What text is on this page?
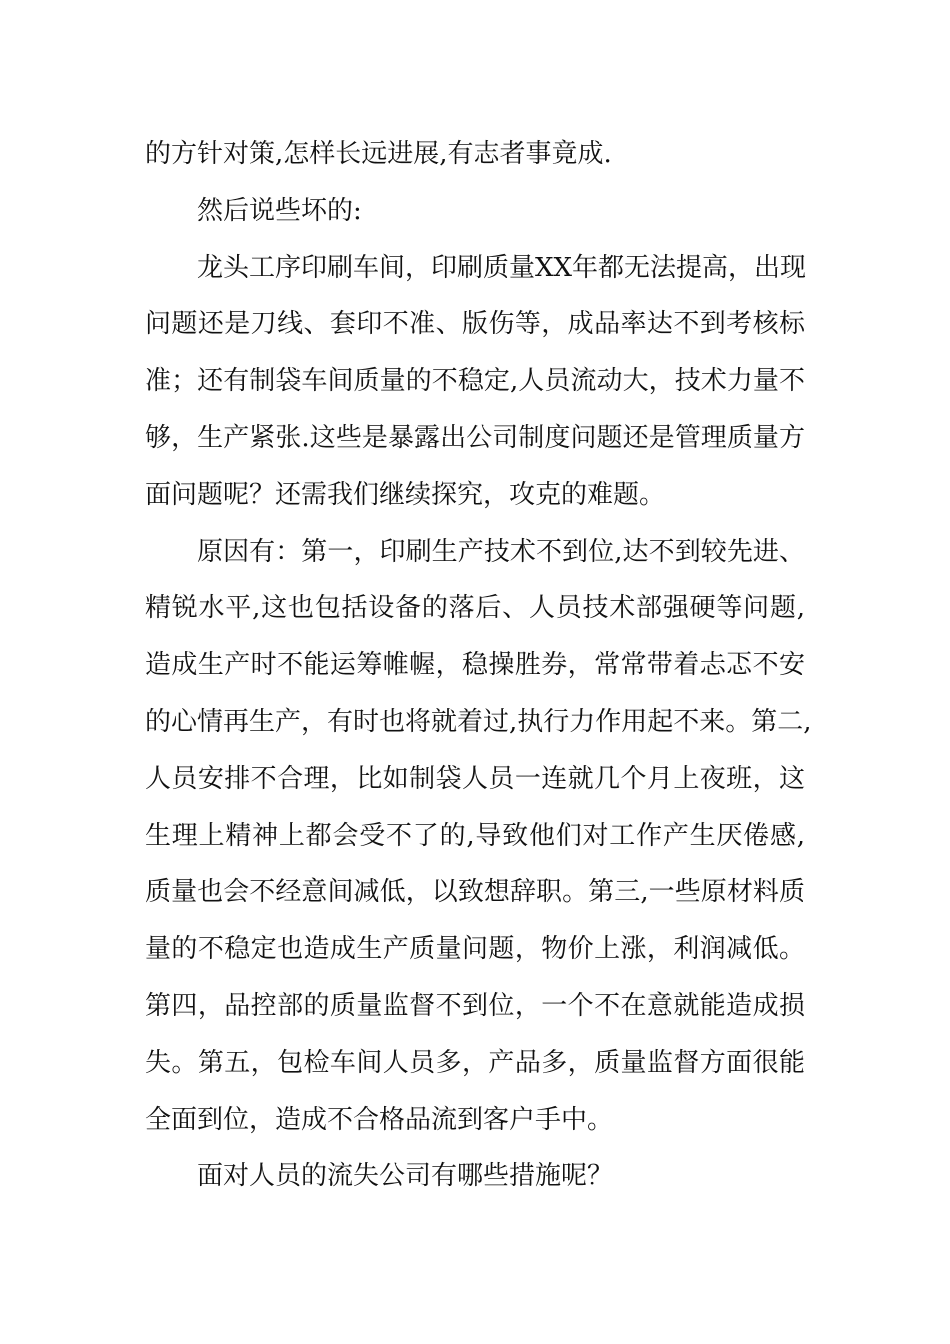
的方针对策,怎样长远进展,有志者事竟成.
然后说些坏的:
龙头工序印刷车间，印刷质量XX年都无法提高，出现
问题还是刀线、套印不准、版伤等，成品率达不到考核标
准；还有制袋车间质量的不稳定,人员流动大，技术力量不
够，生产紧张.这些是暴露出公司制度问题还是管理质量方
面问题呢？还需我们继续探究，攻克的难题。
原因有：第一，印刷生产技术不到位,达不到较先进、
精锐水平,这也包括设备的落后、人员技术部强硬等问题,
造成生产时不能运筹帷幄，稳操胜券，常常带着忐忑不安
的心情再生产，有时也将就着过,执行力作用起不来。第二,
人员安排不合理，比如制袋人员一连就几个月上夜班，这
生理上精神上都会受不了的,导致他们对工作产生厌倦感,
质量也会不经意间减低，以致想辞职。第三,一些原材料质
量的不稳定也造成生产质量问题，物价上涨，利润减低。
第四，品控部的质量监督不到位，一个不在意就能造成损
失。第五，包检车间人员多，产品多，质量监督方面很能
全面到位，造成不合格品流到客户手中。
面对人员的流失公司有哪些措施呢？
